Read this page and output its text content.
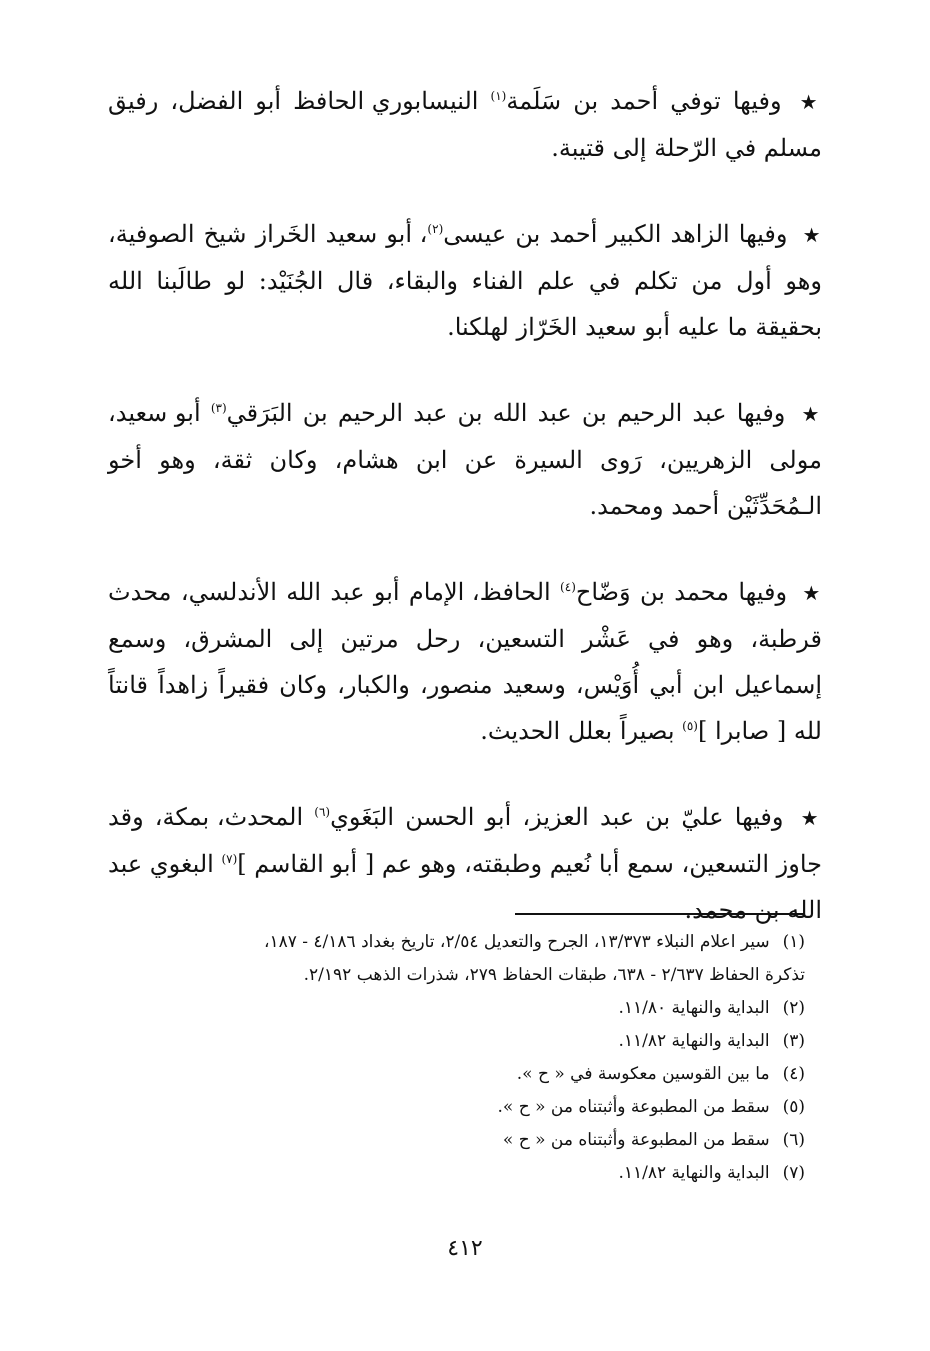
★ وفيها توفي أحمد بن سَلَمة$^{(١)}$ النيسابوري الحافظ أبو الفضل، رفيق مسلم في الرّحلة إلى قتيبة.

★ وفيها الزاهد الكبير أحمد بن عيسى$^{(٢)}$، أبو سعيد الخَراز شيخ الصوفية، وهو أول من تكلم في علم الفناء والبقاء، قال الجُنَيْد: لو طالَبنا الله بحقيقة ما عليه أبو سعيد الخَرّاز لهلكنا.

★ وفيها عبد الرحيم بن عبد الله بن عبد الرحيم بن البَرَقي$^{(٣)}$ أبو سعيد، مولى الزهريين، رَوى السيرة عن ابن هشام، وكان ثقة، وهو أخو الـمُحَدِّثَيْن أحمد ومحمد.

★ وفيها محمد بن وَضّاح$^{(٤)}$ الحافظ، الإمام أبو عبد الله الأندلسي، محدث قرطبة، وهو في عَشْر التسعين، رحل مرتين إلى المشرق، وسمع إسماعيل ابن أبي أُوَيْس، وسعيد منصور، والكبار، وكان فقيراً زاهداً قانتاً لله [ صابرا ]$^{(٥)}$ بصيراً بعلل الحديث.

★ وفيها عليّ بن عبد العزيز، أبو الحسن البَغَوي$^{(٦)}$ المحدث، بمكة، وقد جاوز التسعين، سمع أبا نُعيم وطبقته، وهو عم [ أبو القاسم ]$^{(٧)}$ البغوي عبد الله بن محمد.

(١) سير اعلام النبلاء ١٣/٣٧٣، الجرح والتعديل ٢/٥٤، تاريخ بغداد ٤/١٨٦ - ١٨٧،

تذكرة الحفاظ ٢/٦٣٧ - ٦٣٨، طبقات الحفاظ ٢٧٩، شذرات الذهب ٢/١٩٢.

(٢) البداية والنهاية ١١/٨٠.

(٣) البداية والنهاية ١١/٨٢.

(٤) ما بين القوسين معكوسة في « ح ».

(٥) سقط من المطبوعة وأثبتناه من « ح ».

(٦) سقط من المطبوعة وأثبتناه من « ح »

(٧) البداية والنهاية ١١/٨٢.

٤١٢
